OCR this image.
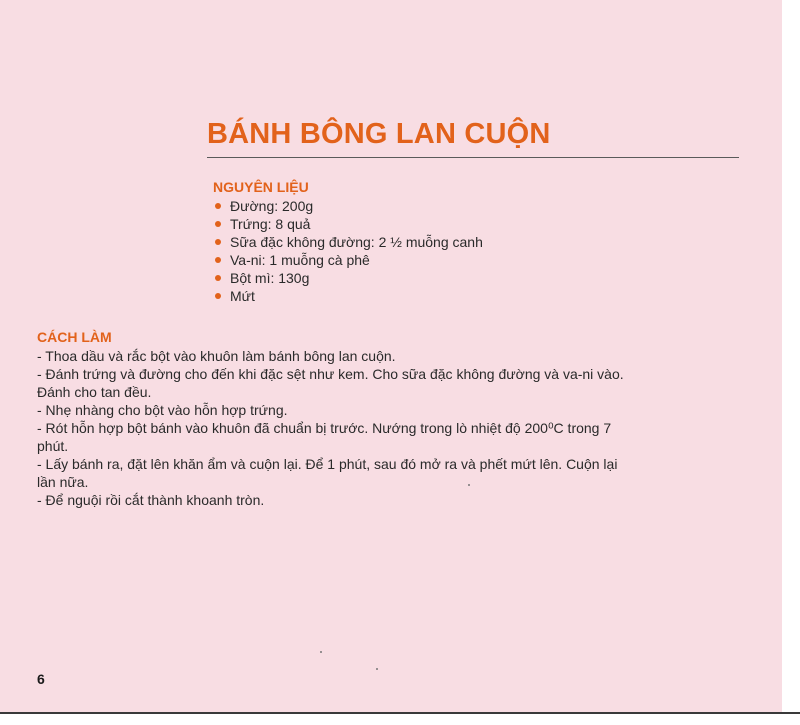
BÁNH BÔNG LAN CUỘN
NGUYÊN LIỆU
Đường: 200g
Trứng: 8 quả
Sữa đặc không đường: 2 ½ muỗng canh
Va-ni: 1 muỗng cà phê
Bột mì: 130g
Mứt
CÁCH LÀM
- Thoa dầu và rắc bột vào khuôn làm bánh bông lan cuộn.
- Đánh trứng và đường cho đến khi đặc sệt như kem. Cho sữa đặc không đường và va-ni vào.
Đánh cho tan đều.
- Nhẹ nhàng cho bột vào hỗn hợp trứng.
- Rót hỗn hợp bột bánh vào khuôn đã chuẩn bị trước. Nướng trong lò nhiệt độ 200⁰C trong 7
phút.
- Lấy bánh ra, đặt lên khăn ẩm và cuộn lại. Để 1 phút, sau đó mở ra và phết mứt lên. Cuộn lại
lần nữa.
- Để nguội rồi cắt thành khoanh tròn.
6
